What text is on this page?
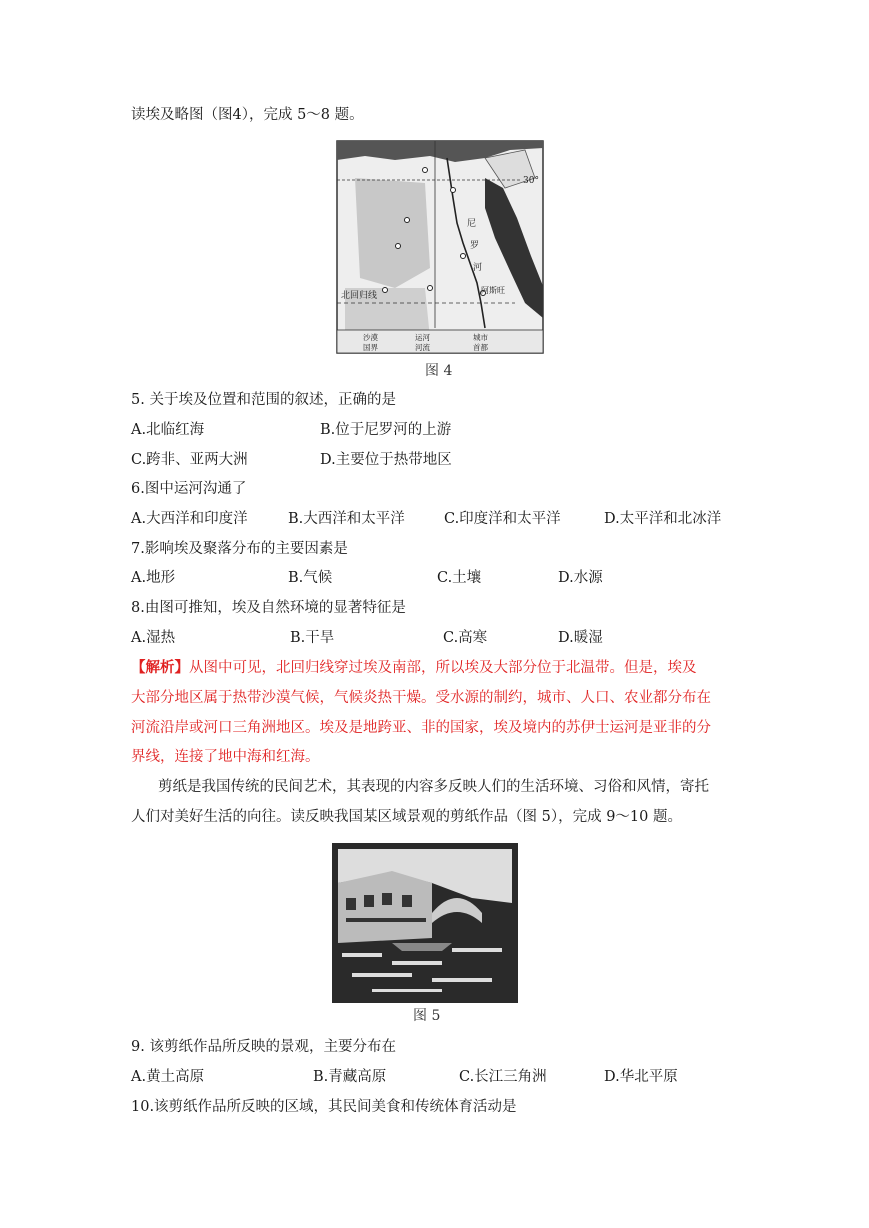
读埃及略图（图4），完成 5～8 题。
30°
北回归线
尼
罗
河
阿斯旺
沙漠	运河	城市
国界	河流	首都
图 4
5. 关于埃及位置和范围的叙述，正确的是
A.北临红海	B.位于尼罗河的上游
C.跨非、亚两大洲	D.主要位于热带地区
6.图中运河沟通了
A.大西洋和印度洋	B.大西洋和太平洋	C.印度洋和太平洋	D.太平洋和北冰洋
7.影响埃及聚落分布的主要因素是
A.地形	B.气候	C.土壤	D.水源
8.由图可推知，埃及自然环境的显著特征是
A.湿热	B.干旱	C.高寒	D.暖湿
【解析】从图中可见，北回归线穿过埃及南部，所以埃及大部分位于北温带。但是，埃及
大部分地区属于热带沙漠气候，气候炎热干燥。受水源的制约，城市、人口、农业都分布在
河流沿岸或河口三角洲地区。埃及是地跨亚、非的国家，埃及境内的苏伊士运河是亚非的分
界线，连接了地中海和红海。
剪纸是我国传统的民间艺术，其表现的内容多反映人们的生活环境、习俗和风情，寄托
人们对美好生活的向往。读反映我国某区域景观的剪纸作品（图 5），完成 9～10 题。
图 5
9. 该剪纸作品所反映的景观，主要分布在
A.黄土高原	B.青藏高原	C.长江三角洲	D.华北平原
10.该剪纸作品所反映的区域，其民间美食和传统体育活动是
